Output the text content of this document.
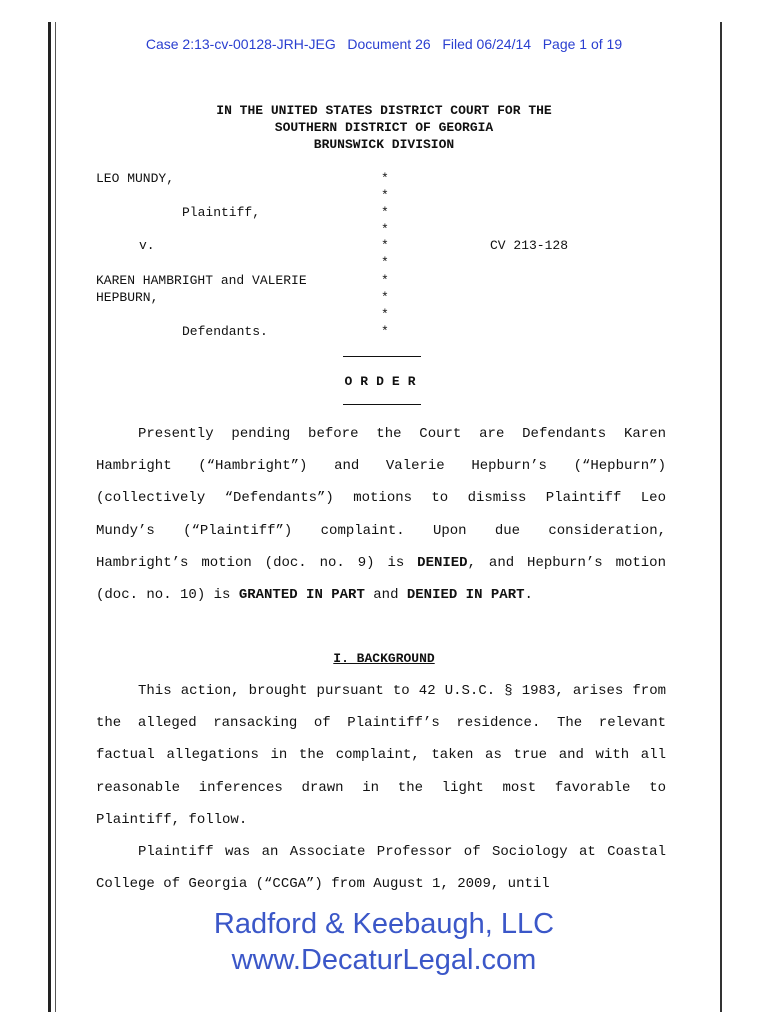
Case 2:13-cv-00128-JRH-JEG   Document 26   Filed 06/24/14   Page 1 of 19
IN THE UNITED STATES DISTRICT COURT FOR THE
SOUTHERN DISTRICT OF GEORGIA
BRUNSWICK DIVISION
LEO MUNDY,
Plaintiff,
v.
KAREN HAMBRIGHT and VALERIE
HEPBURN,
Defendants.
*
*
*
*
*
*
*
*
*
*
CV 213-128
ORDER

Presently pending before the Court are Defendants Karen Hambright (“Hambright”) and Valerie Hepburn’s (“Hepburn”) (collectively “Defendants”) motions to dismiss Plaintiff Leo Mundy’s (“Plaintiff”) complaint. Upon due consideration, Hambright’s motion (doc. no. 9) is DENIED, and Hepburn’s motion (doc. no. 10) is GRANTED IN PART and DENIED IN PART.

I. BACKGROUND

This action, brought pursuant to 42 U.S.C. § 1983, arises from the alleged ransacking of Plaintiff’s residence. The relevant factual allegations in the complaint, taken as true and with all reasonable inferences drawn in the light most favorable to Plaintiff, follow.

Plaintiff was an Associate Professor of Sociology at Coastal College of Georgia (“CCGA”) from August 1, 2009, until

Radford & Keebaugh, LLC
www.DecaturLegal.com
